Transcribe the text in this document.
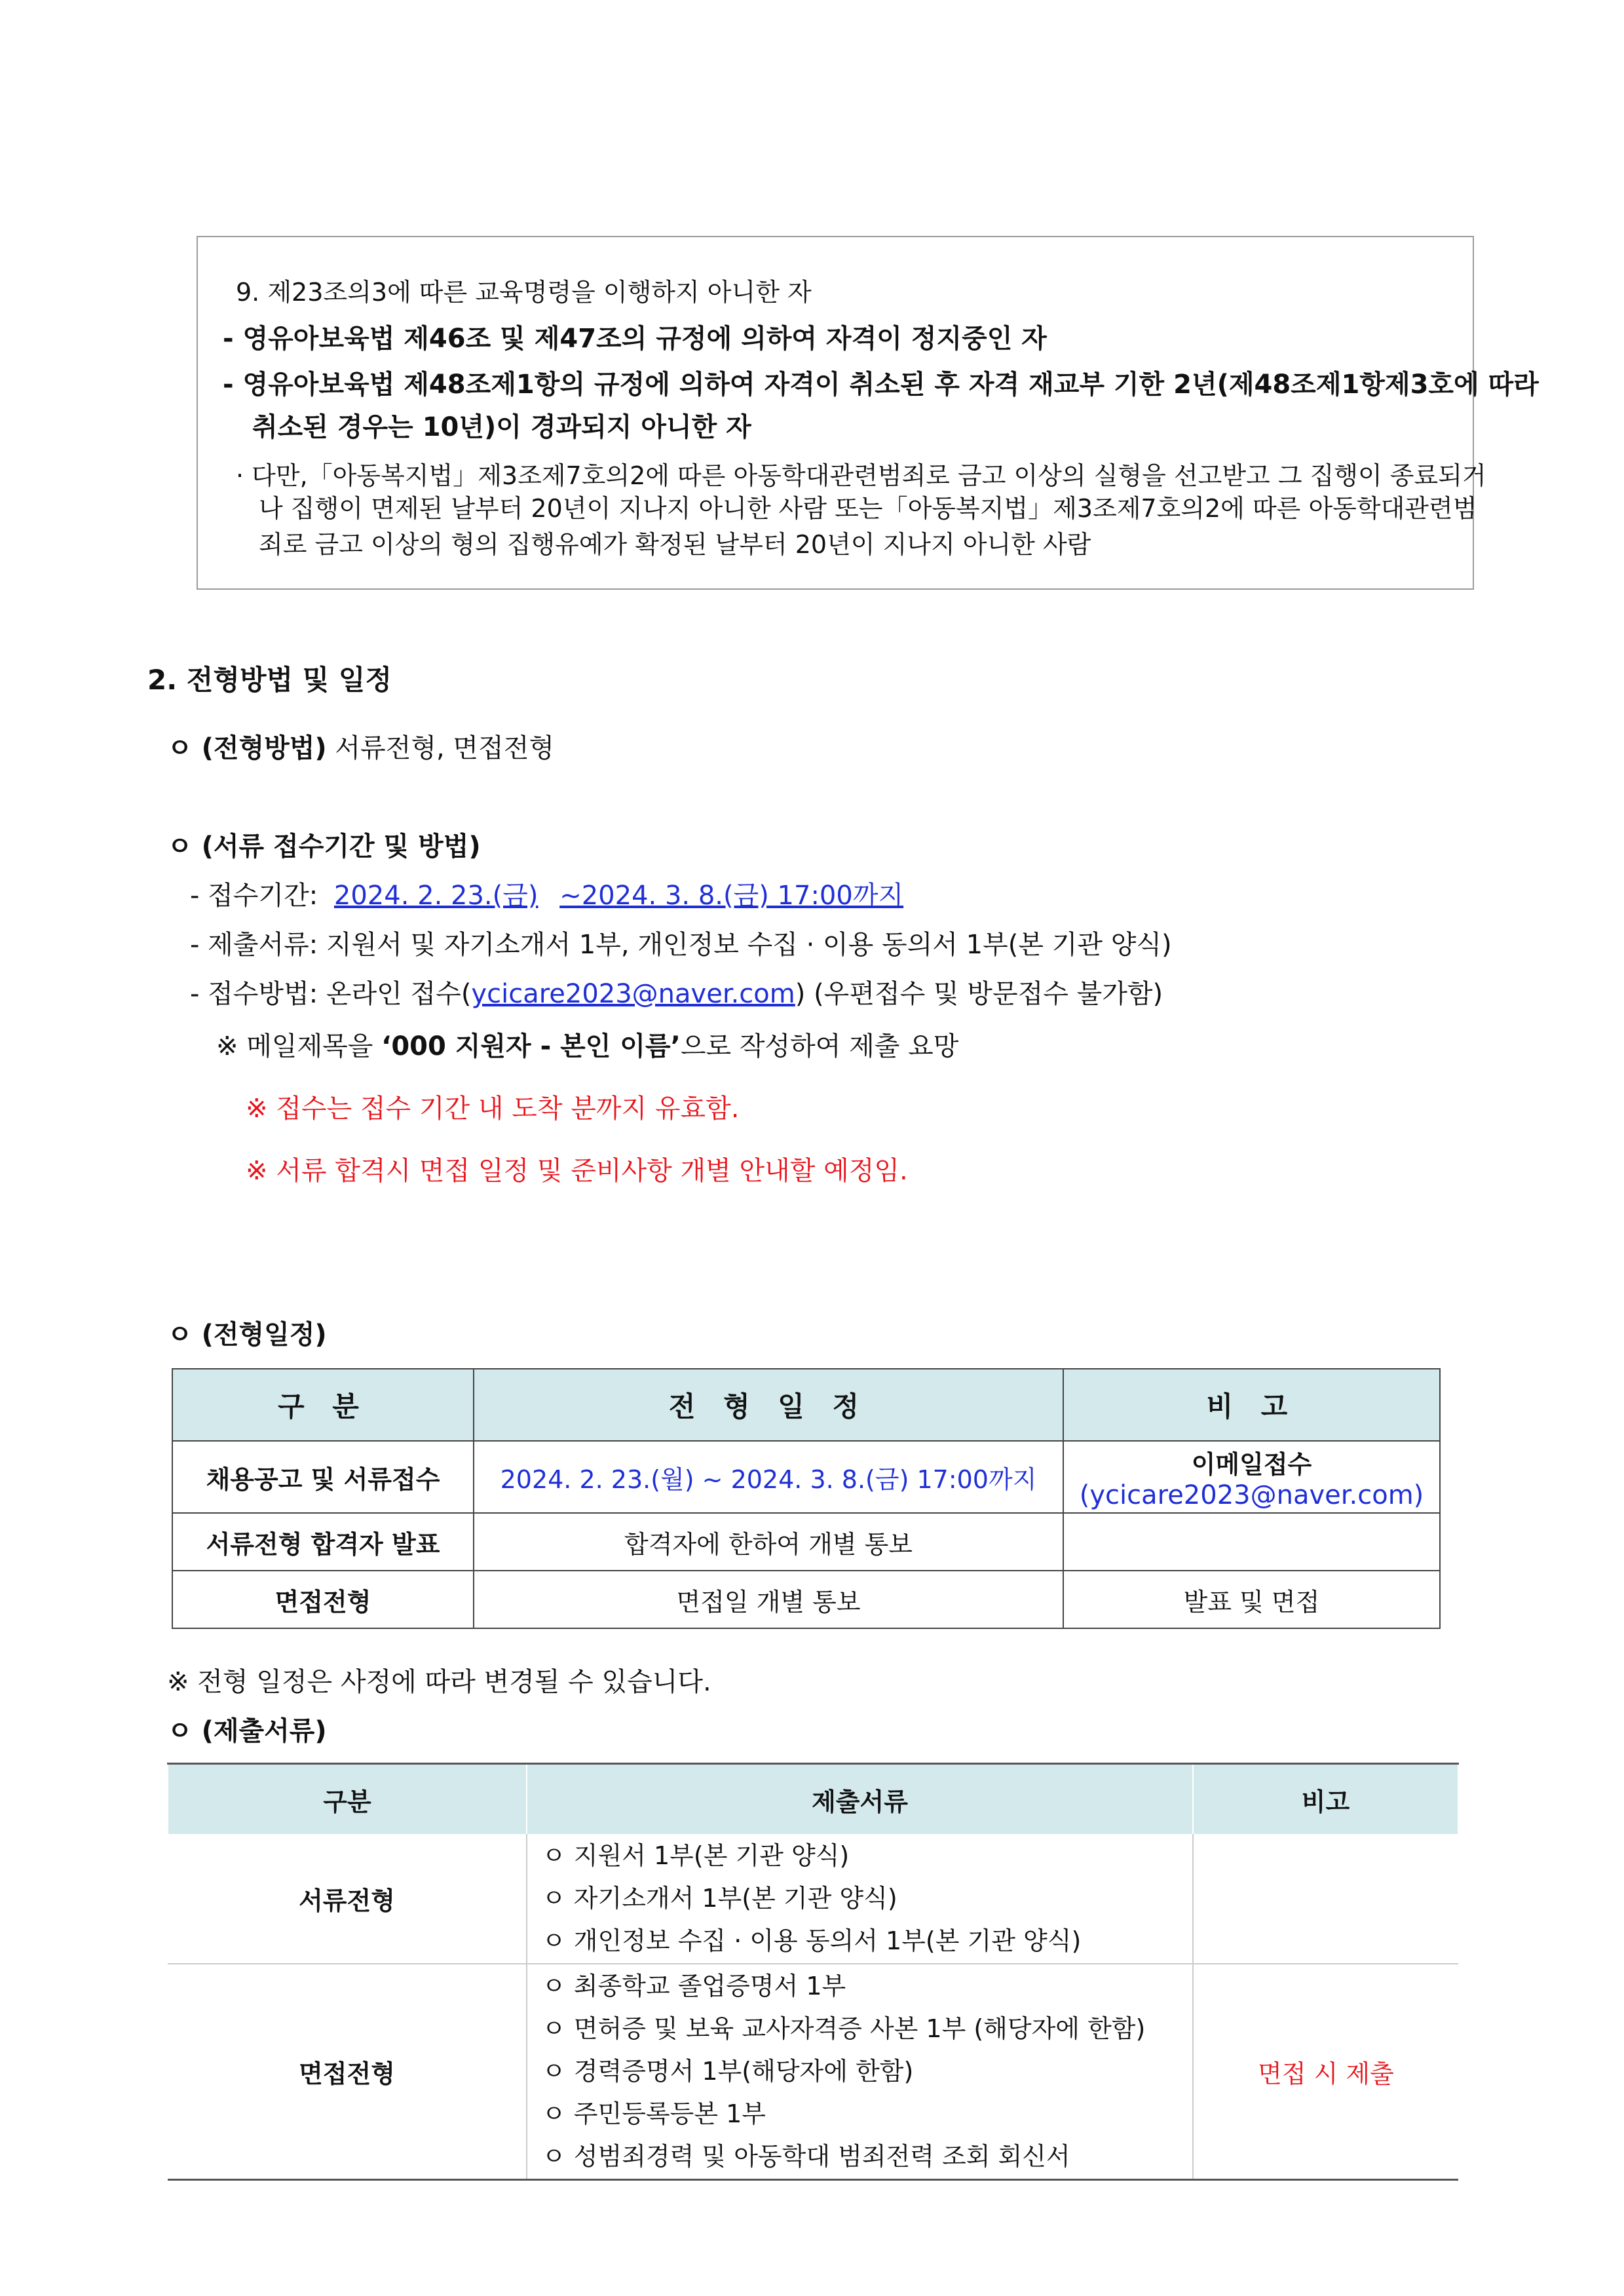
9. 제23조의3에 따른 교육명령을 이행하지 아니한 자
- 영유아보육법 제46조 및 제47조의 규정에 의하여 자격이 정지중인 자
- 영유아보육법 제48조제1항의 규정에 의하여 자격이 취소된 후 자격 재교부 기한 2년(제48조제1항제3호에 따라
취소된 경우는 10년)이 경과되지 아니한 자
· 다만,「아동복지법」제3조제7호의2에 따른 아동학대관련범죄로 금고 이상의 실형을 선고받고 그 집행이 종료되거
나 집행이 면제된 날부터 20년이 지나지 아니한 사람 또는「아동복지법」제3조제7호의2에 따른 아동학대관련범
죄로 금고 이상의 형의 집행유예가 확정된 날부터 20년이 지나지 아니한 사람
2. 전형방법 및 일정
ㅇ (전형방법) 서류전형, 면접전형
ㅇ (서류 접수기간 및 방법)
- 접수기간: 2024. 2. 23.(금) ~2024. 3. 8.(금) 17:00까지
- 제출서류: 지원서 및 자기소개서 1부, 개인정보 수집 · 이용 동의서 1부(본 기관 양식)
- 접수방법: 온라인 접수(ycicare2023@naver.com) (우편접수 및 방문접수 불가함)
※ 메일제목을 ‘000 지원자 - 본인 이름’으로 작성하여 제출 요망
※ 접수는 접수 기간 내 도착 분까지 유효함.
※ 서류 합격시 면접 일정 및 준비사항 개별 안내할 예정임.
ㅇ (전형일정)
구 분	전 형 일 정	비 고
채용공고 및 서류접수	2024. 2. 23.(월) ~ 2024. 3. 8.(금) 17:00까지	이메일접수
(ycicare2023@naver.com)

서류전형 합격자 발표	합격자에 한하여 개별 통보	
면접전형	면접일 개별 통보	발표 및 면접
※ 전형 일정은 사정에 따라 변경될 수 있습니다.
ㅇ (제출서류)
구분	제출서류	비고
서류전형	ㅇ 지원서 1부(본 기관 양식)
ㅇ 자기소개서 1부(본 기관 양식)
ㅇ 개인정보 수집 · 이용 동의서 1부(본 기관 양식)	

면접전형	ㅇ 최종학교 졸업증명서 1부
ㅇ 면허증 및 보육 교사자격증 사본 1부 (해당자에 한함)
ㅇ 경력증명서 1부(해당자에 한함)
ㅇ 주민등록등본 1부
ㅇ 성범죄경력 및 아동학대 범죄전력 조회 회신서	면접 시 제출
